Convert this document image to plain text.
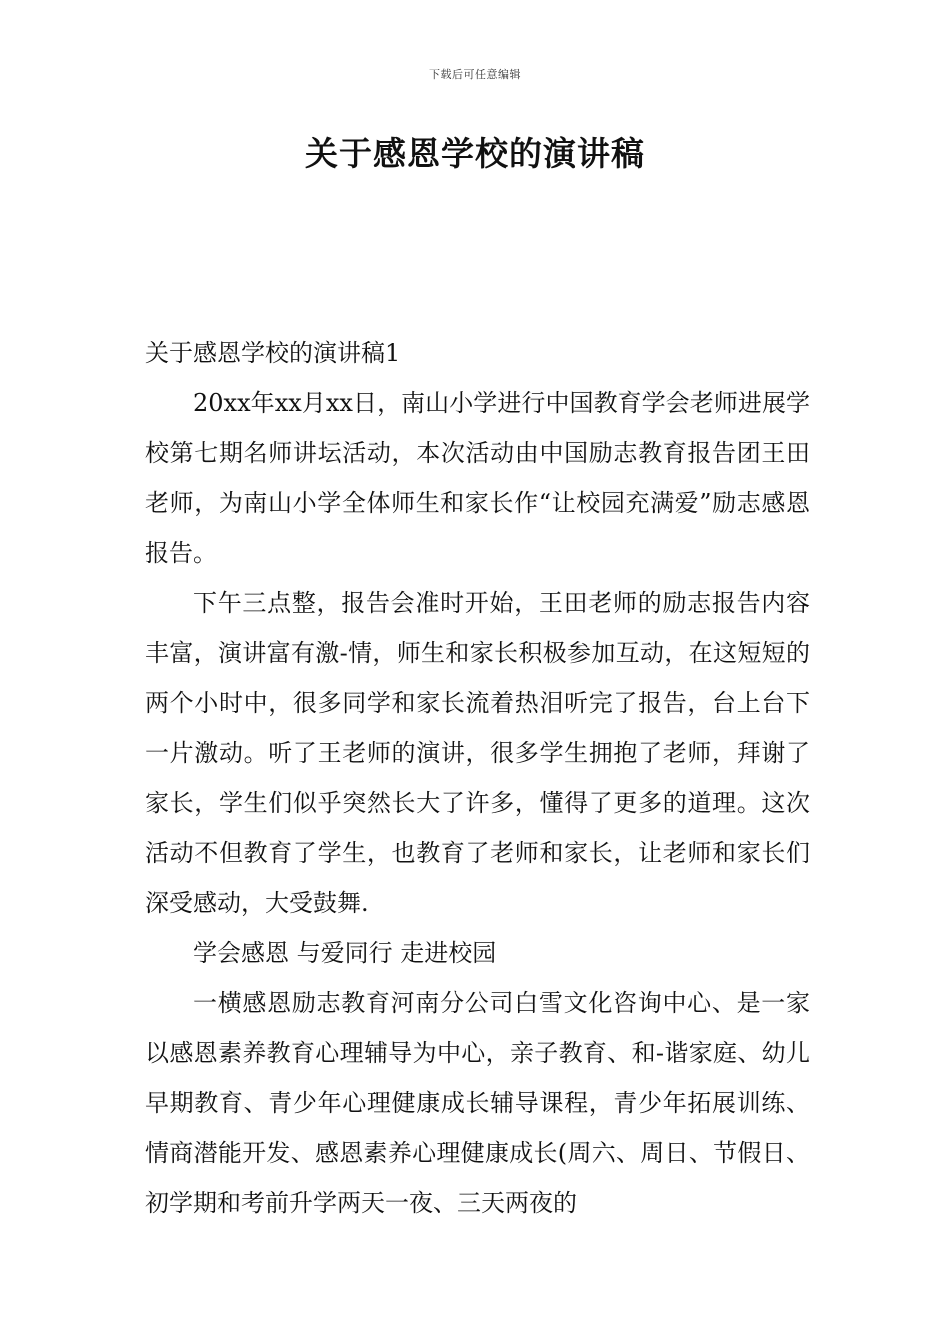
下载后可任意编辑
关于感恩学校的演讲稿

关于感恩学校的演讲稿1

20xx年xx月xx日，南山小学进行中国教育学会老师进展学校第七期名师讲坛活动，本次活动由中国励志教育报告团王田老师，为南山小学全体师生和家长作“让校园充满爱”励志感恩报告。

下午三点整，报告会准时开始，王田老师的励志报告内容丰富，演讲富有激-情，师生和家长积极参加互动，在这短短的两个小时中，很多同学和家长流着热泪听完了报告，台上台下一片激动。听了王老师的演讲，很多学生拥抱了老师，拜谢了家长，学生们似乎突然长大了许多，懂得了更多的道理。这次活动不但教育了学生，也教育了老师和家长，让老师和家长们深受感动，大受鼓舞.

学会感恩 与爱同行 走进校园

一横感恩励志教育河南分公司白雪文化咨询中心、是一家以感恩素养教育心理辅导为中心，亲子教育、和-谐家庭、幼儿早期教育、青少年心理健康成长辅导课程，青少年拓展训练、情商潜能开发、感恩素养心理健康成长(周六、周日、节假日、初学期和考前升学两天一夜、三天两夜的
